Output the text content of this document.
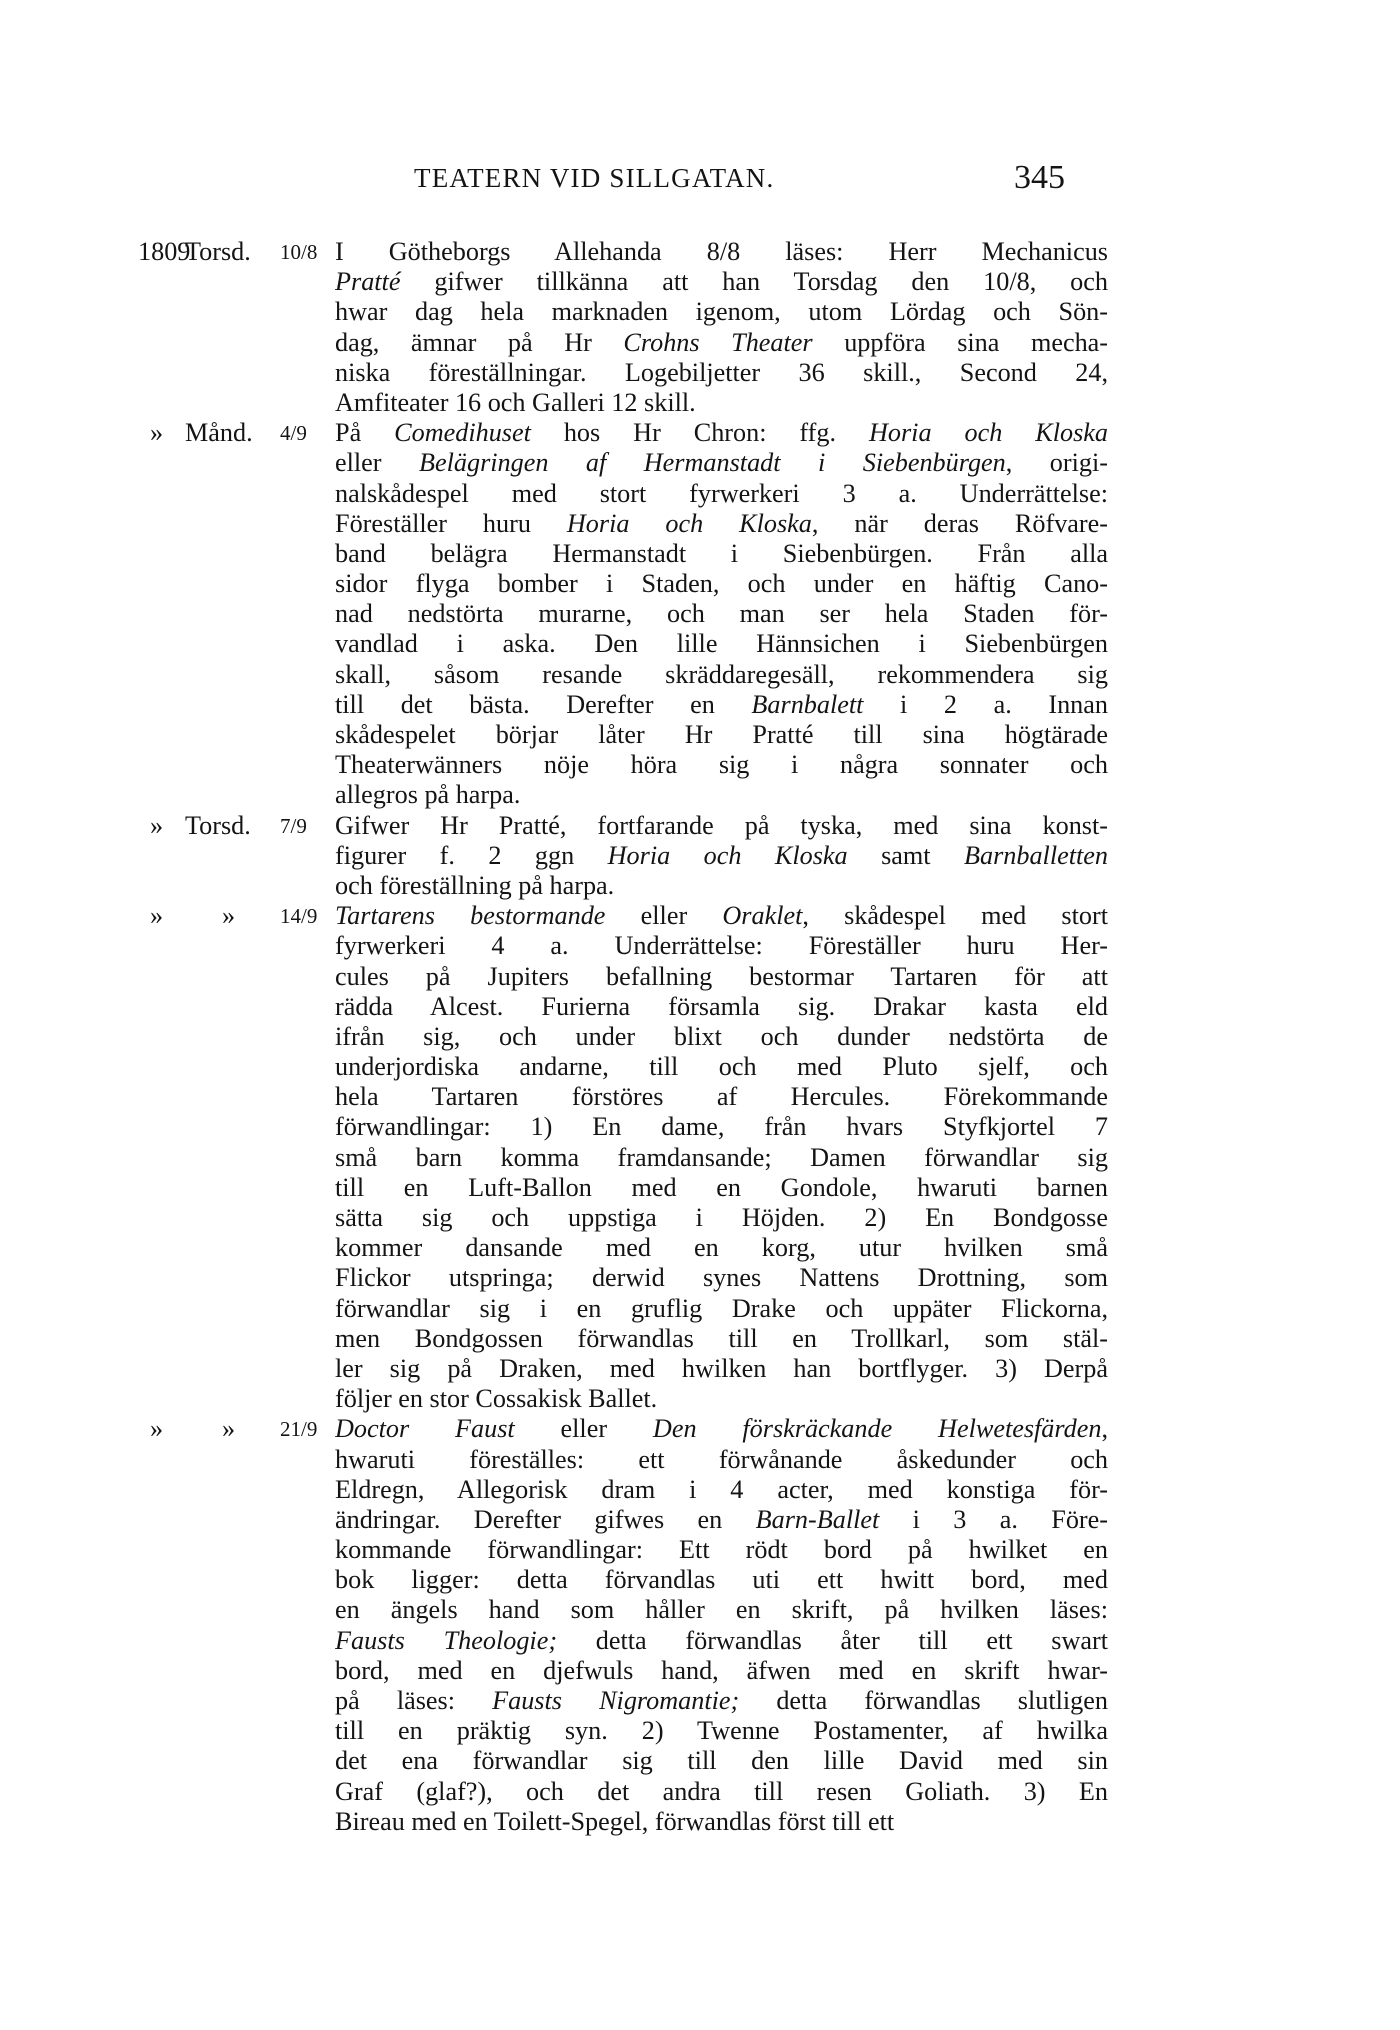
TEATERN VID SILLGATAN.	345
1809
Torsd. 10/8 I Götheborgs Allehanda 8/8 läses: Herr Mechanicus
Pratté gifwer tillkänna att han Torsdag den 10/8, och
hwar dag hela marknaden igenom, utom Lördag och Sön-
dag, ämnar på Hr Crohns Theater uppföra sina mecha-
niska föreställningar. Logebiljetter 36 skill., Second 24,
Amfiteater 16 och Galleri 12 skill.
» Månd. 4/9 På Comedihuset hos Hr Chron: ffg. Horia och Kloska
eller Belägringen af Hermanstadt i Siebenbürgen, origi-
nalskådespel med stort fyrwerkeri 3 a. Underrättelse:
Föreställer huru Horia och Kloska, när deras Röfvare-
band belägra Hermanstadt i Siebenbürgen. Från alla
sidor flyga bomber i Staden, och under en häftig Cano-
nad nedstörta murarne, och man ser hela Staden för-
vandlad i aska. Den lille Hännsichen i Siebenbürgen
skall, såsom resande skräddaregesäll, rekommendera sig
till det bästa. Derefter en Barnbalett i 2 a. Innan
skådespelet börjar låter Hr Pratté till sina högtärade
Theaterwänners nöje höra sig i några sonnater och
allegros på harpa.
» Torsd. 7/9 Gifwer Hr Pratté, fortfarande på tyska, med sina konst-
figurer f. 2 ggn Horia och Kloska samt Barnballetten
och föreställning på harpa.
» » 14/9 Tartarens bestormande eller Oraklet, skådespel med stort
fyrwerkeri 4 a. Underrättelse: Föreställer huru Her-
cules på Jupiters befallning bestormar Tartaren för att
rädda Alcest. Furierna församla sig. Drakar kasta eld
ifrån sig, och under blixt och dunder nedstörta de
underjordiska andarne, till och med Pluto sjelf, och
hela Tartaren förstöres af Hercules. Förekommande
förwandlingar: 1) En dame, från hvars Styfkjortel 7
små barn komma framdansande; Damen förwandlar sig
till en Luft-Ballon med en Gondole, hwaruti barnen
sätta sig och uppstiga i Höjden. 2) En Bondgosse
kommer dansande med en korg, utur hvilken små
Flickor utspringa; derwid synes Nattens Drottning, som
förwandlar sig i en gruflig Drake och uppäter Flickorna,
men Bondgossen förwandlas till en Trollkarl, som stäl-
ler sig på Draken, med hwilken han bortflyger. 3) Derpå
följer en stor Cossakisk Ballet.
» » 21/9 Doctor Faust eller Den förskräckande Helwetesfärden,
hwaruti föreställes: ett förwånande åskedunder och
Eldregn, Allegorisk dram i 4 acter, med konstiga för-
ändringar. Derefter gifwes en Barn-Ballet i 3 a. Före-
kommande förwandlingar: Ett rödt bord på hwilket en
bok ligger: detta förvandlas uti ett hwitt bord, med
en ängels hand som håller en skrift, på hvilken läses:
Fausts Theologie; detta förwandlas åter till ett swart
bord, med en djefwuls hand, äfwen med en skrift hwar-
på läses: Fausts Nigromantie; detta förwandlas slutligen
till en präktig syn. 2) Twenne Postamenter, af hwilka
det ena förwandlar sig till den lille David med sin
Graf (glaf?), och det andra till resen Goliath. 3) En
Bireau med en Toilett-Spegel, förwandlas först till ett
